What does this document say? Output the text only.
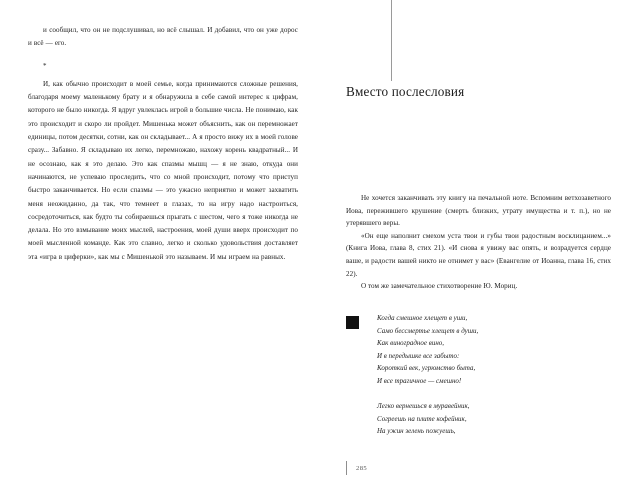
и сообщил, что он не подслушивал, но всё слышал. И добавил, что он уже дорос и всё — его.

*

И, как обычно происходит в моей семье, когда принимаются сложные решения, благодаря моему маленькому брату и я обнаружила в себе самой интерес к цифрам, которого не было никогда. Я вдруг увлеклась игрой в большие числа. Не понимаю, как это происходит и скоро ли пройдет. Мишенька может объяснить, как он перемножает единицы, потом десятки, сотни, как он складывает... А я просто вижу их в моей голове сразу... Забавно. Я складываю их легко, перемножаю, нахожу корень квадратный... И не осознаю, как я это делаю. Это как спазмы мышц — я не знаю, откуда они начинаются, не успеваю проследить, что со мной происходит, потому что приступ быстро заканчивается. Но если спазмы — это ужасно неприятно и может захватить меня неожиданно, да так, что темнеет в глазах, то на игру надо настроиться, сосредоточиться, как будто ты собираешься прыгать с шестом, чего я тоже никогда не делала. Но это взмывание моих мыслей, настроения, моей души вверх происходит по моей мысленной команде. Как это славно, легко и сколько удовольствия доставляет эта «игра в циферки», как мы с Мишенькой это называем. И мы играем на равных.

Вместо послесловия

Не хочется заканчивать эту книгу на печальной ноте. Вспомним ветхозаветного Иова, пережившего крушение (смерть близких, утрату имущества и т. п.), но не утерявшего веры.

«Он еще наполнит смехом уста твои и губы твои радостным восклицанием...» (Книга Иова, глава 8, стих 21). «И снова я увижу вас опять, и возрадуется сердце ваше, и радости вашей никто не отнимет у вас» (Евангелие от Иоанна, глава 16, стих 22).

О том же замечательное стихотворение Ю. Мориц.

Когда смешное хлещет в уши,
Само бессмертье хлещет в души,
Как виноградное вино,
И в передышке все забыто:
Короткий век, угрюмство быта,
И все трагичное — смешно!
Легко вернешься в муравейник,
Согреешь на плите кофейник,
На ужин зелень пожуешь,
285
